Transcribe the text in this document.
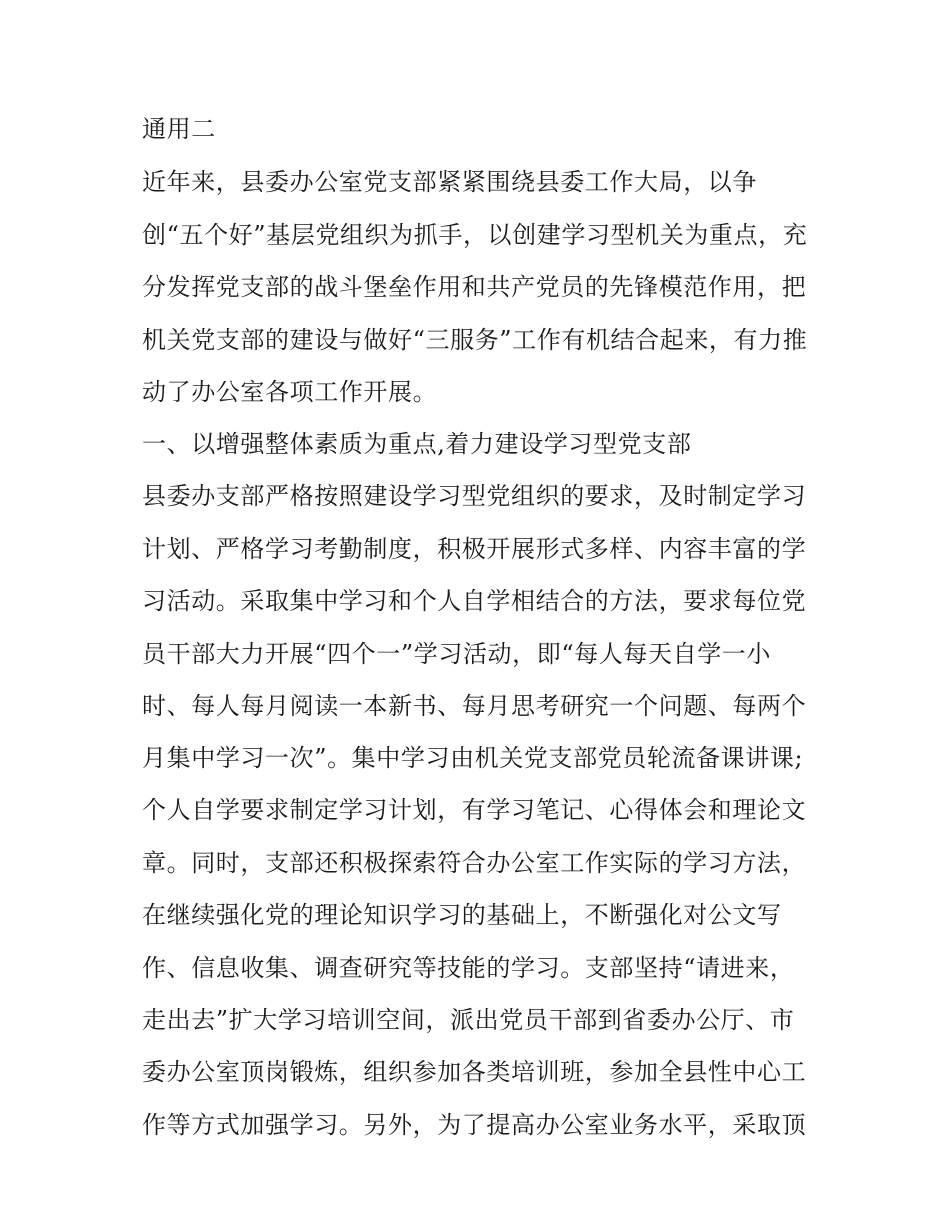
通用二
近年来，县委办公室党支部紧紧围绕县委工作大局，以争
创“五个好”基层党组织为抓手，以创建学习型机关为重点，充
分发挥党支部的战斗堡垒作用和共产党员的先锋模范作用，把
机关党支部的建设与做好“三服务”工作有机结合起来，有力推
动了办公室各项工作开展。
一、以增强整体素质为重点,着力建设学习型党支部
县委办支部严格按照建设学习型党组织的要求，及时制定学习
计划、严格学习考勤制度，积极开展形式多样、内容丰富的学
习活动。采取集中学习和个人自学相结合的方法，要求每位党
员干部大力开展“四个一”学习活动，即“每人每天自学一小
时、每人每月阅读一本新书、每月思考研究一个问题、每两个
月集中学习一次”。集中学习由机关党支部党员轮流备课讲课;
个人自学要求制定学习计划，有学习笔记、心得体会和理论文
章。同时，支部还积极探索符合办公室工作实际的学习方法，
在继续强化党的理论知识学习的基础上，不断强化对公文写
作、信息收集、调查研究等技能的学习。支部坚持“请进来，
走出去”扩大学习培训空间，派出党员干部到省委办公厅、市
委办公室顶岗锻炼，组织参加各类培训班，参加全县性中心工
作等方式加强学习。另外，为了提高办公室业务水平，采取顶
